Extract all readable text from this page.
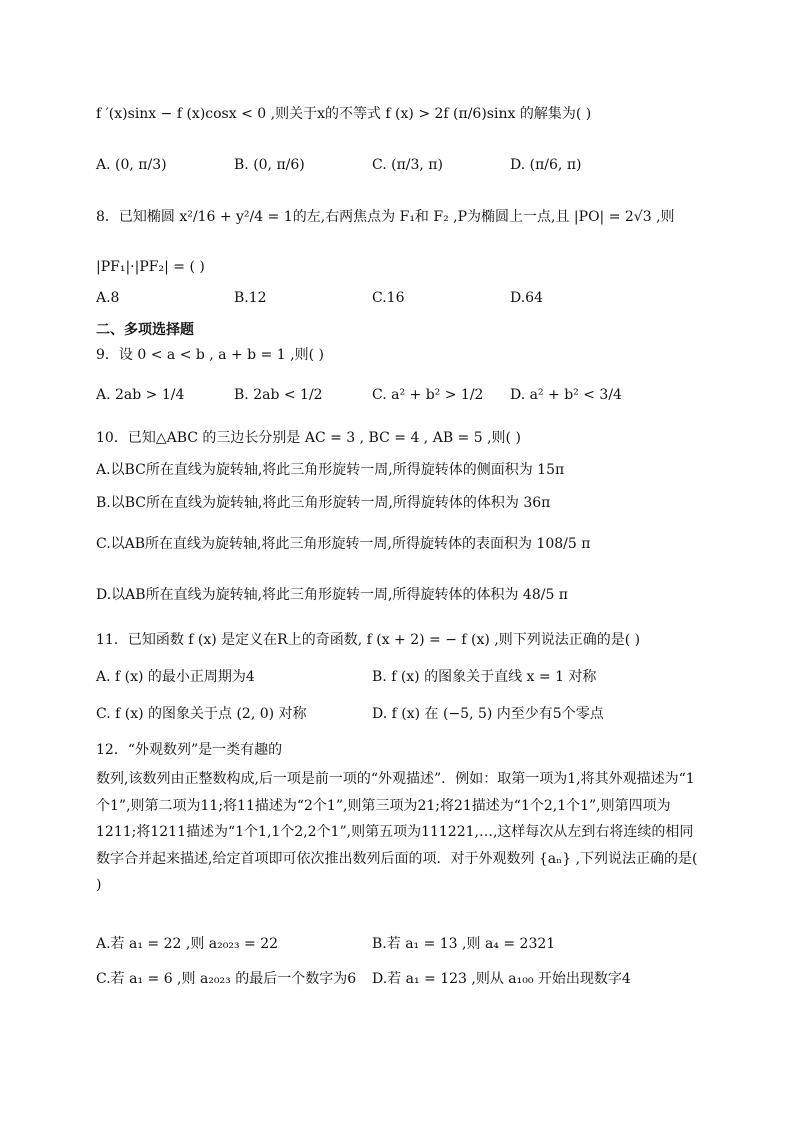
f ′(x)sinx − f (x)cosx < 0 ,则关于x的不等式 f (x) > 2f (π/6)sinx 的解集为( )
A. (0, π/3)	B. (0, π/6)	C. (π/3, π)	D. (π/6, π)
8．已知椭圆 x²/16 + y²/4 = 1的左,右两焦点为 F₁和 F₂ ,P为椭圆上一点,且 |PO| = 2√3 ,则
|PF₁|·|PF₂| = ( )
A.8	B.12	C.16	D.64
二、多项选择题
9．设 0 < a < b , a + b = 1 ,则( )
A. 2ab > 1/4	B. 2ab < 1/2	C. a² + b² > 1/2 D. a² + b² < 3/4
10．已知△ABC 的三边长分别是 AC = 3 , BC = 4 , AB = 5 ,则( )
A.以BC所在直线为旋转轴,将此三角形旋转一周,所得旋转体的侧面积为 15π
B.以BC所在直线为旋转轴,将此三角形旋转一周,所得旋转体的体积为 36π
C.以AB所在直线为旋转轴,将此三角形旋转一周,所得旋转体的表面积为 108/5 π
D.以AB所在直线为旋转轴,将此三角形旋转一周,所得旋转体的体积为 48/5 π
11．已知函数 f (x) 是定义在R上的奇函数, f (x + 2) = − f (x) ,则下列说法正确的是( )
A. f (x) 的最小正周期为4	B. f (x) 的图象关于直线 x = 1 对称
C. f (x) 的图象关于点 (2, 0) 对称	D. f (x) 在 (−5, 5) 内至少有5个零点
12．“外观数列”是一类有趣的
数列,该数列由正整数构成,后一项是前一项的“外观描述”．例如：取第一项为1,将其外观描述为“1个1”,则第二项为11;将11描述为“2个1”,则第三项为21;将21描述为“1个2,1个1”,则第四项为1211;将1211描述为“1个1,1个2,2个1”,则第五项为111221,…,这样每次从左到右将连续的相同数字合并起来描述,给定首项即可依次推出数列后面的项．对于外观数列 {aₙ} ,下列说法正确的是( )
A.若 a₁ = 22 ,则 a₂₀₂₃ = 22	B.若 a₁ = 13 ,则 a₄ = 2321
C.若 a₁ = 6 ,则 a₂₀₂₃ 的最后一个数字为6 D.若 a₁ = 123 ,则从 a₁₀₀ 开始出现数字4
